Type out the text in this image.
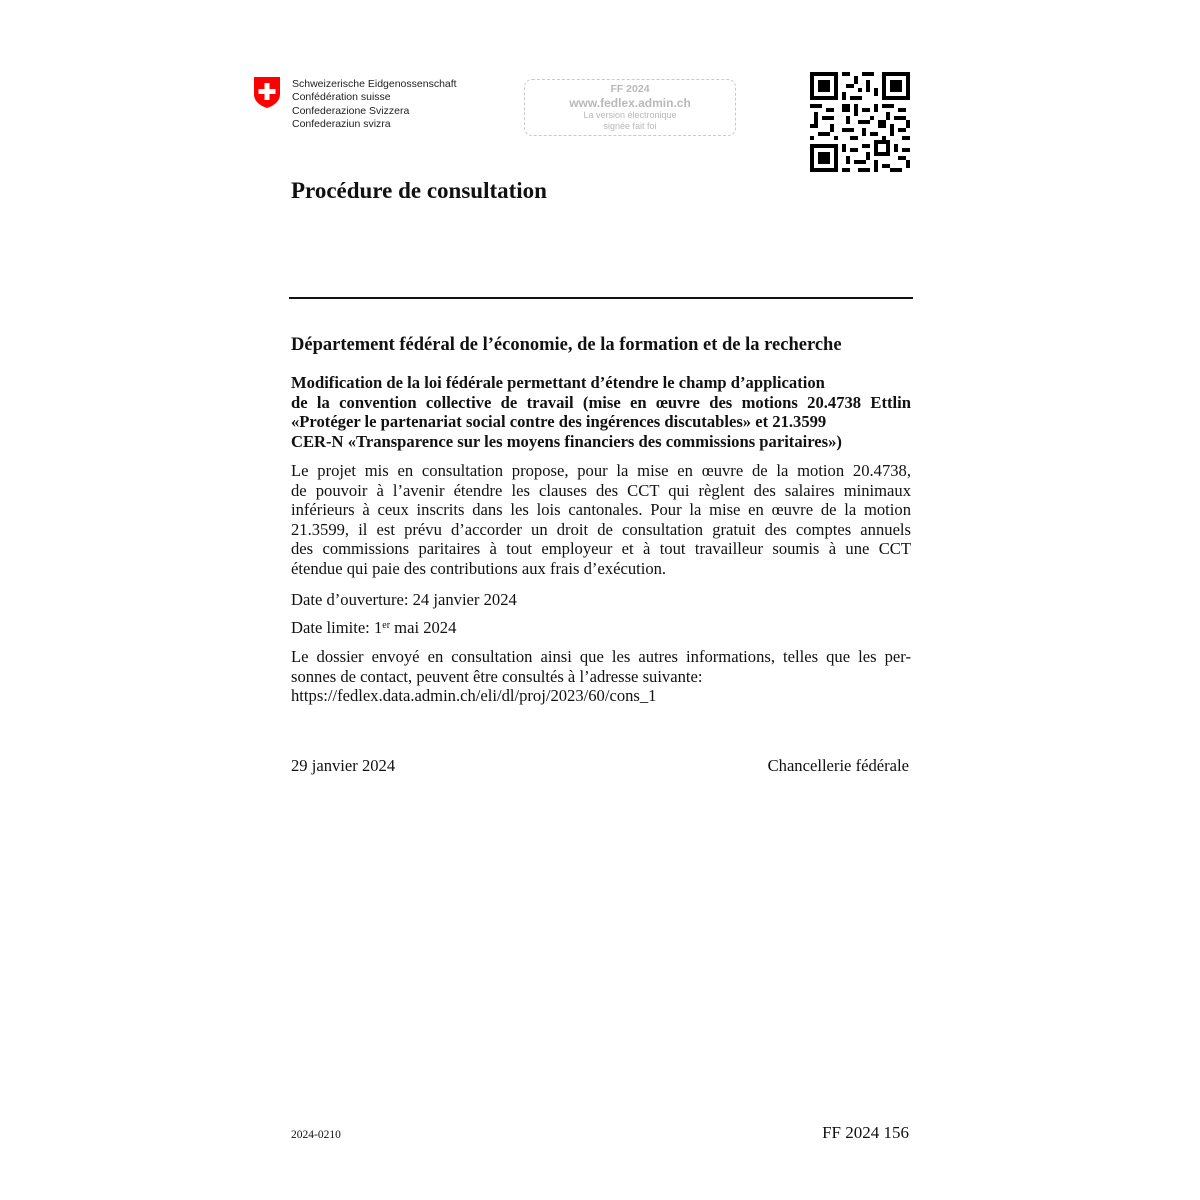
Schweizerische Eidgenossenschaft
Confédération suisse
Confederazione Svizzera
Confederaziun svizra
FF 2024
www.fedlex.admin.ch
La version électronique
signée fait foi
Procédure de consultation
Département fédéral de l’économie, de la formation et de la recherche
Modification de la loi fédérale permettant d’étendre le champ d’application
de la convention collective de travail (mise en œuvre des motions 20.4738 Ettlin
«Protéger le partenariat social contre des ingérences discutables» et 21.3599
CER-N «Transparence sur les moyens financiers des commissions paritaires»)
Le projet mis en consultation propose, pour la mise en œuvre de la motion 20.4738,
de pouvoir à l’avenir étendre les clauses des CCT qui règlent des salaires minimaux
inférieurs à ceux inscrits dans les lois cantonales. Pour la mise en œuvre de la motion
21.3599, il est prévu d’accorder un droit de consultation gratuit des comptes annuels
des commissions paritaires à tout employeur et à tout travailleur soumis à une CCT
étendue qui paie des contributions aux frais d’exécution.
Date d’ouverture: 24 janvier 2024
Date limite: 1er mai 2024
Le dossier envoyé en consultation ainsi que les autres informations, telles que les per-
sonnes de contact, peuvent être consultés à l’adresse suivante:
https://fedlex.data.admin.ch/eli/dl/proj/2023/60/cons_1
29 janvier 2024	Chancellerie fédérale
2024-0210	FF 2024 156
